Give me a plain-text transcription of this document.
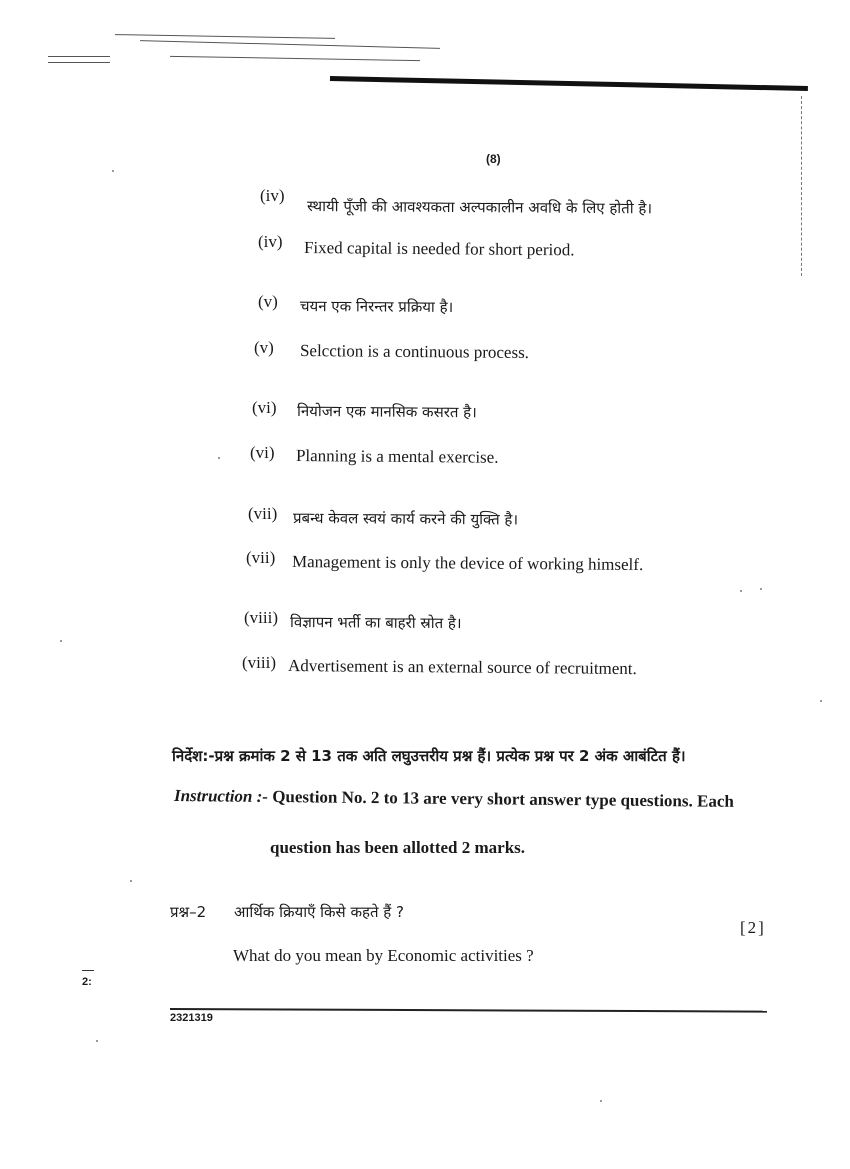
(8)
(iv)
स्थायी पूँजी की आवश्यकता अल्पकालीन अवधि के लिए होती है।
(iv) Fixed capital is needed for short period.
(v) चयन एक निरन्तर प्रक्रिया है।
(v) Selcction is a continuous process.
(vi) नियोजन एक मानसिक कसरत है।
(vi) Planning is a mental exercise.
(vii) प्रबन्ध केवल स्वयं कार्य करने की युक्ति है।
(vii) Management is only the device of working himself.
(viii) विज्ञापन भर्ती का बाहरी स्रोत है।
(viii) Advertisement is an external source of recruitment.
निर्देश:-प्रश्न क्रमांक 2 से 13 तक अति लघुउत्तरीय प्रश्न हैं। प्रत्येक प्रश्न पर 2 अंक आबंटित हैं।
Instruction :- Question No. 2 to 13 are very short answer type questions. Each
question has been allotted 2 marks.
प्रश्न–2 आर्थिक क्रियाएँ किसे कहते हैं ?
[2]
What do you mean by Economic activities ?
2:
2321319
